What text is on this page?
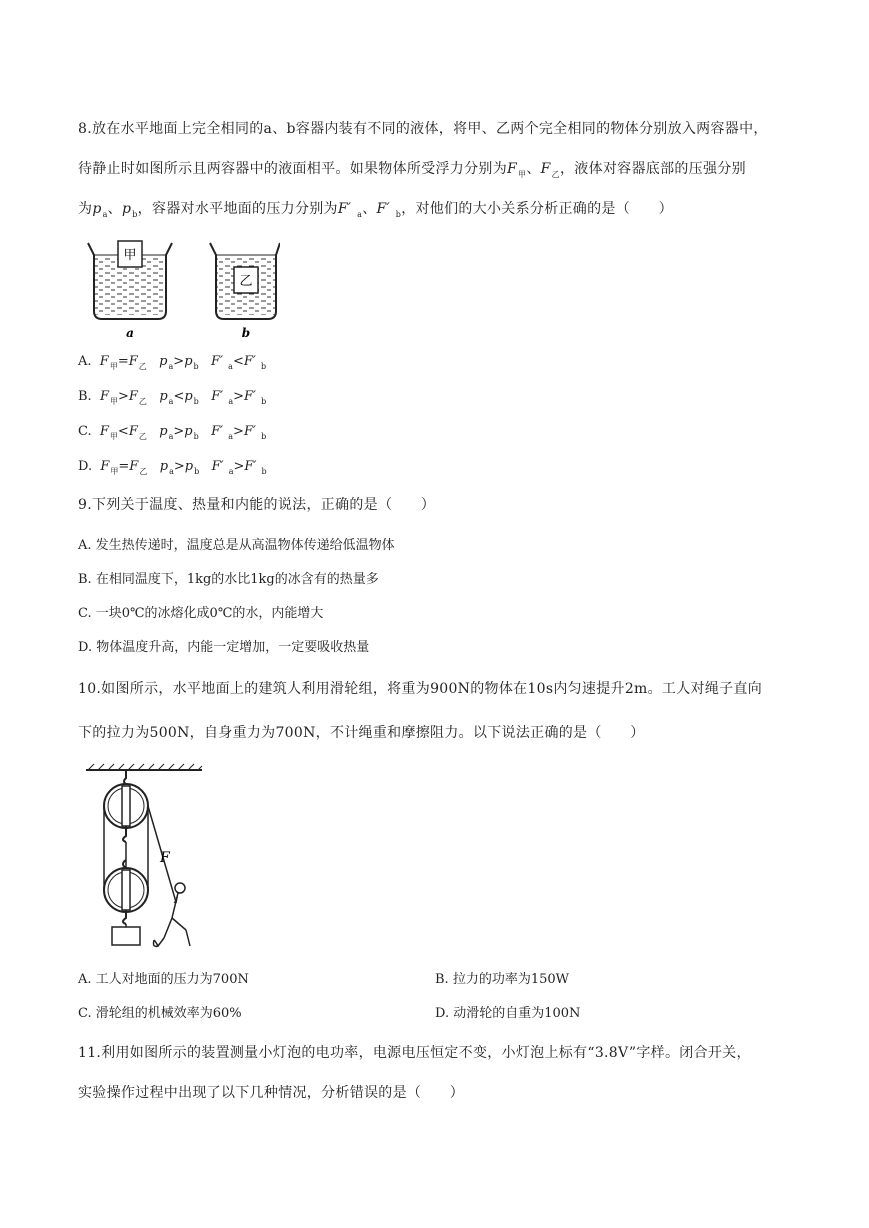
8.放在水平地面上完全相同的a、b容器内装有不同的液体，将甲、乙两个完全相同的物体分别放入两容器中，
待静止时如图所示且两容器中的液面相平。如果物体所受浮力分别为$F_甲$、$F_乙$，液体对容器底部的压强分别
为$p_a$、$p_b$，容器对水平地面的压力分别为F′ $_a$、F′ $_b$，对他们的大小关系分析正确的是（　　）
甲
a
乙
b
A. $F_甲=F_乙$ $p_a>p_b$ F′ $_a$<F′ $_b$
B. $F_甲>F_乙$ $p_a<p_b$ F′ $_a$>F′ $_b$
C. $F_甲<F_乙$ $p_a>p_b$ F′ $_a$>F′ $_b$
D. $F_甲=F_乙$ $p_a>p_b$ F′ $_a$>F′ $_b$
9.下列关于温度、热量和内能的说法，正确的是（　　）
A. 发生热传递时，温度总是从高温物体传递给低温物体
B. 在相同温度下，1kg的水比1kg的冰含有的热量多
C. 一块0℃的冰熔化成0℃的水，内能增大
D. 物体温度升高，内能一定增加，一定要吸收热量
10.如图所示，水平地面上的建筑人利用滑轮组，将重为900N的物体在10s内匀速提升2m。工人对绳子直向
下的拉力为500N，自身重力为700N，不计绳重和摩擦阻力。以下说法正确的是（　　）
F
A. 工人对地面的压力为700N	B. 拉力的功率为150W
C. 滑轮组的机械效率为60%	D. 动滑轮的自重为100N
11.利用如图所示的装置测量小灯泡的电功率，电源电压恒定不变，小灯泡上标有“3.8V”字样。闭合开关，
实验操作过程中出现了以下几种情况，分析错误的是（　　）
